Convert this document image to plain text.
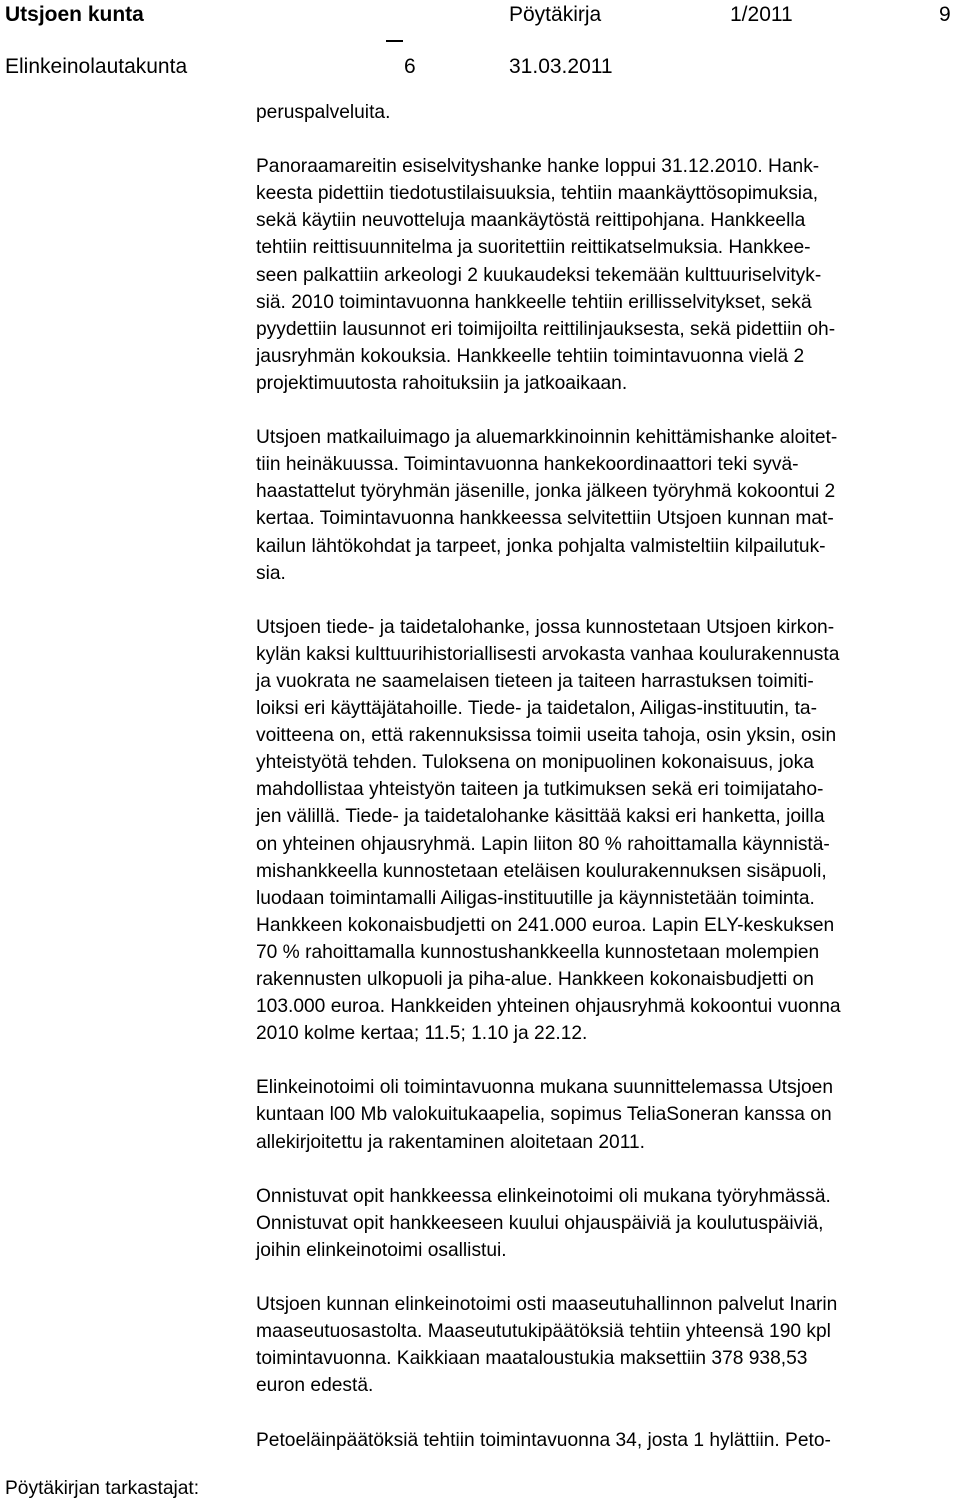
Utsjoen kunta	Pöytäkirja	1/2011	9
Elinkeinolautakunta	6	31.03.2011

peruspalveluita.

Panoraamareitin esiselvityshanke hanke loppui 31.12.2010. Hank-
keesta pidettiin tiedotustilaisuuksia, tehtiin maankäyttösopimuksia,
sekä käytiin neuvotteluja maankäytöstä reittipohjana. Hankkeella
tehtiin reittisuunnitelma ja suoritettiin reittikatselmuksia. Hankkee-
seen palkattiin arkeologi 2 kuukaudeksi tekemään kulttuuriselvityk-
siä. 2010 toimintavuonna hankkeelle tehtiin erillisselvitykset, sekä
pyydettiin lausunnot eri toimijoilta reittilinjauksesta, sekä pidettiin oh-
jausryhmän kokouksia. Hankkeelle tehtiin toimintavuonna vielä 2
projektimuutosta rahoituksiin ja jatkoaikaan.

Utsjoen matkailuimago ja aluemarkkinoinnin kehittämishanke aloitet-
tiin heinäkuussa. Toimintavuonna hankekoordinaattori teki syvä-
haastattelut työryhmän jäsenille, jonka jälkeen työryhmä kokoontui 2
kertaa. Toimintavuonna hankkeessa selvitettiin Utsjoen kunnan mat-
kailun lähtökohdat ja tarpeet, jonka pohjalta valmisteltiin kilpailutuk-
sia.

Utsjoen tiede- ja taidetalohanke, jossa kunnostetaan Utsjoen kirkon-
kylän kaksi kulttuurihistoriallisesti arvokasta vanhaa koulurakennusta
ja vuokrata ne saamelaisen tieteen ja taiteen harrastuksen toimiti-
loiksi eri käyttäjätahoille. Tiede- ja taidetalon, Ailigas-instituutin, ta-
voitteena on, että rakennuksissa toimii useita tahoja, osin yksin, osin
yhteistyötä tehden. Tuloksena on monipuolinen kokonaisuus, joka
mahdollistaa yhteistyön taiteen ja tutkimuksen sekä eri toimijataho-
jen välillä. Tiede- ja taidetalohanke käsittää kaksi eri hanketta, joilla
on yhteinen ohjausryhmä. Lapin liiton 80 % rahoittamalla käynnistä-
mishankkeella kunnostetaan eteläisen koulurakennuksen sisäpuoli,
luodaan toimintamalli Ailigas-instituutille ja käynnistetään toiminta.
Hankkeen kokonaisbudjetti on 241.000 euroa. Lapin ELY-keskuksen
70 % rahoittamalla kunnostushankkeella kunnostetaan molempien
rakennusten ulkopuoli ja piha-alue. Hankkeen kokonaisbudjetti on
103.000 euroa. Hankkeiden yhteinen ohjausryhmä kokoontui vuonna
2010 kolme kertaa; 11.5; 1.10 ja 22.12.

Elinkeinotoimi oli toimintavuonna mukana suunnittelemassa Utsjoen
kuntaan l00 Mb valokuitukaapelia, sopimus TeliaSoneran kanssa on
allekirjoitettu ja rakentaminen aloitetaan 2011.

Onnistuvat opit hankkeessa elinkeinotoimi oli mukana työryhmässä.
Onnistuvat opit hankkeeseen kuului ohjauspäiviä ja koulutuspäiviä,
joihin elinkeinotoimi osallistui.

Utsjoen kunnan elinkeinotoimi osti maaseutuhallinnon palvelut Inarin
maaseutuosastolta. Maaseututukipäätöksiä tehtiin yhteensä 190 kpl
toimintavuonna. Kaikkiaan maataloustukia maksettiin 378 938,53
euron edestä.

Petoeläinpäätöksiä tehtiin toimintavuonna 34, josta 1 hylättiin. Peto-

Pöytäkirjan tarkastajat:
